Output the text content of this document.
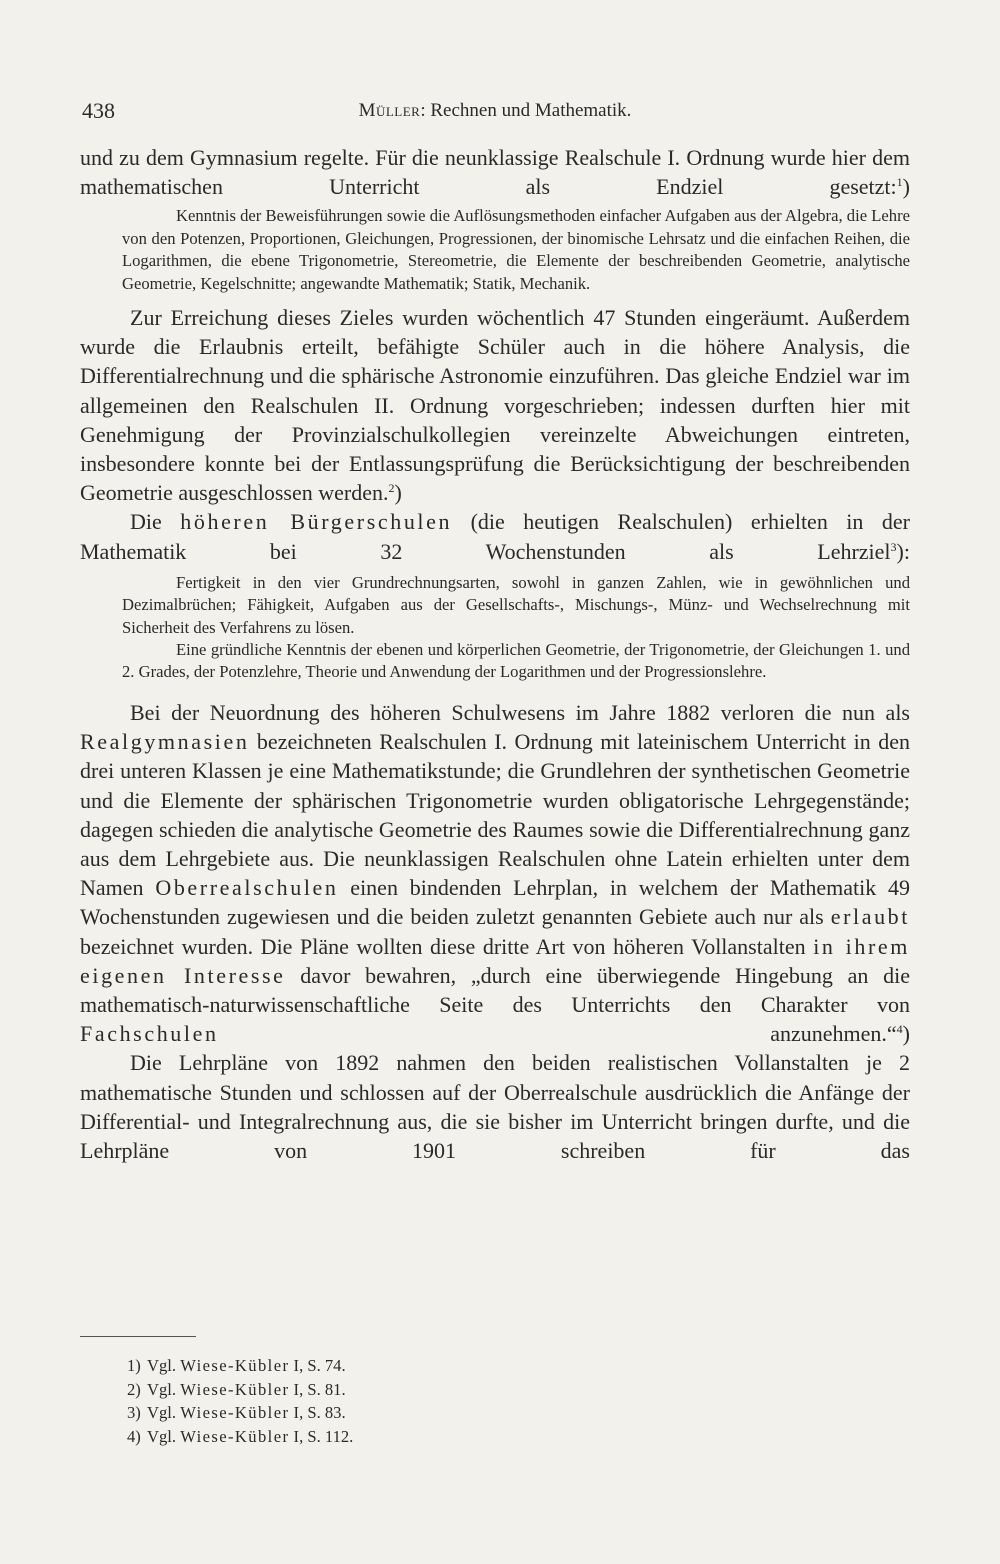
438	Müller: Rechnen und Mathematik.

und zu dem Gymnasium regelte. Für die neunklassige Realschule I. Ordnung wurde hier dem mathematischen Unterricht als Endziel gesetzt:$^1$)

Kenntnis der Beweisführungen sowie die Auflösungsmethoden einfacher Aufgaben aus der Algebra, die Lehre von den Potenzen, Proportionen, Gleichungen, Progressionen, der binomische Lehrsatz und die einfachen Reihen, die Logarithmen, die ebene Trigonometrie, Stereometrie, die Elemente der beschreibenden Geometrie, analytische Geometrie, Kegelschnitte; angewandte Mathematik; Statik, Mechanik.

Zur Erreichung dieses Zieles wurden wöchentlich 47 Stunden eingeräumt. Außerdem wurde die Erlaubnis erteilt, befähigte Schüler auch in die höhere Analysis, die Differentialrechnung und die sphärische Astronomie einzuführen. Das gleiche Endziel war im allgemeinen den Realschulen II. Ordnung vorgeschrieben; indessen durften hier mit Genehmigung der Provinzialschulkollegien vereinzelte Abweichungen eintreten, insbesondere konnte bei der Entlassungsprüfung die Berücksichtigung der beschreibenden Geometrie ausgeschlossen werden.$^2$)

Die höheren Bürgerschulen (die heutigen Realschulen) erhielten in der Mathematik bei 32 Wochenstunden als Lehrziel$^3$):

Fertigkeit in den vier Grundrechnungsarten, sowohl in ganzen Zahlen, wie in gewöhnlichen und Dezimalbrüchen; Fähigkeit, Aufgaben aus der Gesellschafts-, Mischungs-, Münz- und Wechselrechnung mit Sicherheit des Verfahrens zu lösen.

Eine gründliche Kenntnis der ebenen und körperlichen Geometrie, der Trigonometrie, der Gleichungen 1. und 2. Grades, der Potenzlehre, Theorie und Anwendung der Logarithmen und der Progressionslehre.

Bei der Neuordnung des höheren Schulwesens im Jahre 1882 verloren die nun als Realgymnasien bezeichneten Realschulen I. Ordnung mit lateinischem Unterricht in den drei unteren Klassen je eine Mathematikstunde; die Grundlehren der synthetischen Geometrie und die Elemente der sphärischen Trigonometrie wurden obligatorische Lehrgegenstände; dagegen schieden die analytische Geometrie des Raumes sowie die Differentialrechnung ganz aus dem Lehrgebiete aus. Die neunklassigen Realschulen ohne Latein erhielten unter dem Namen Oberrealschulen einen bindenden Lehrplan, in welchem der Mathematik 49 Wochenstunden zugewiesen und die beiden zuletzt genannten Gebiete auch nur als erlaubt bezeichnet wurden. Die Pläne wollten diese dritte Art von höheren Vollanstalten in ihrem eigenen Interesse davor bewahren, „durch eine überwiegende Hingebung an die mathematisch-naturwissenschaftliche Seite des Unterrichts den Charakter von Fachschulen anzunehmen.“$^4$)

Die Lehrpläne von 1892 nahmen den beiden realistischen Vollanstalten je 2 mathematische Stunden und schlossen auf der Oberrealschule ausdrücklich die Anfänge der Differential- und Integralrechnung aus, die sie bisher im Unterricht bringen durfte, und die Lehrpläne von 1901 schreiben für das

1) Vgl. Wiese-Kübler I, S. 74.
2) Vgl. Wiese-Kübler I, S. 81.
3) Vgl. Wiese-Kübler I, S. 83.
4) Vgl. Wiese-Kübler I, S. 112.
